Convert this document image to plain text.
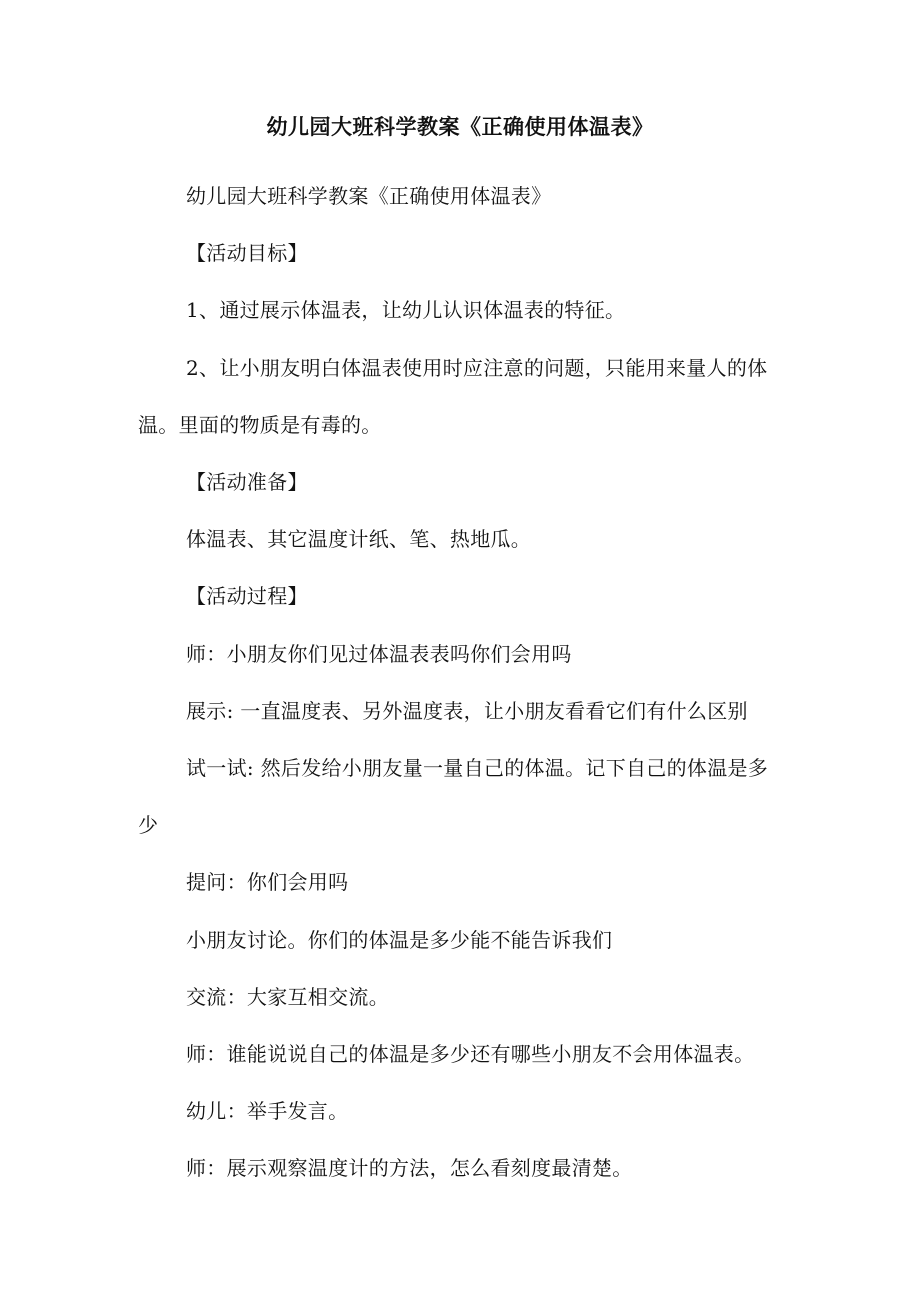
幼儿园大班科学教案《正确使用体温表》

幼儿园大班科学教案《正确使用体温表》

【活动目标】

1、通过展示体温表，让幼儿认识体温表的特征。

2、让小朋友明白体温表使用时应注意的问题，只能用来量人的体温。里面的物质是有毒的。

【活动准备】

体温表、其它温度计纸、笔、热地瓜。

【活动过程】

师：小朋友你们见过体温表表吗你们会用吗

展示: 一直温度表、另外温度表，让小朋友看看它们有什么区别

试一试: 然后发给小朋友量一量自己的体温。记下自己的体温是多少

提问：你们会用吗

小朋友讨论。你们的体温是多少能不能告诉我们

交流：大家互相交流。

师：谁能说说自己的体温是多少还有哪些小朋友不会用体温表。

幼儿：举手发言。

师：展示观察温度计的方法，怎么看刻度最清楚。
